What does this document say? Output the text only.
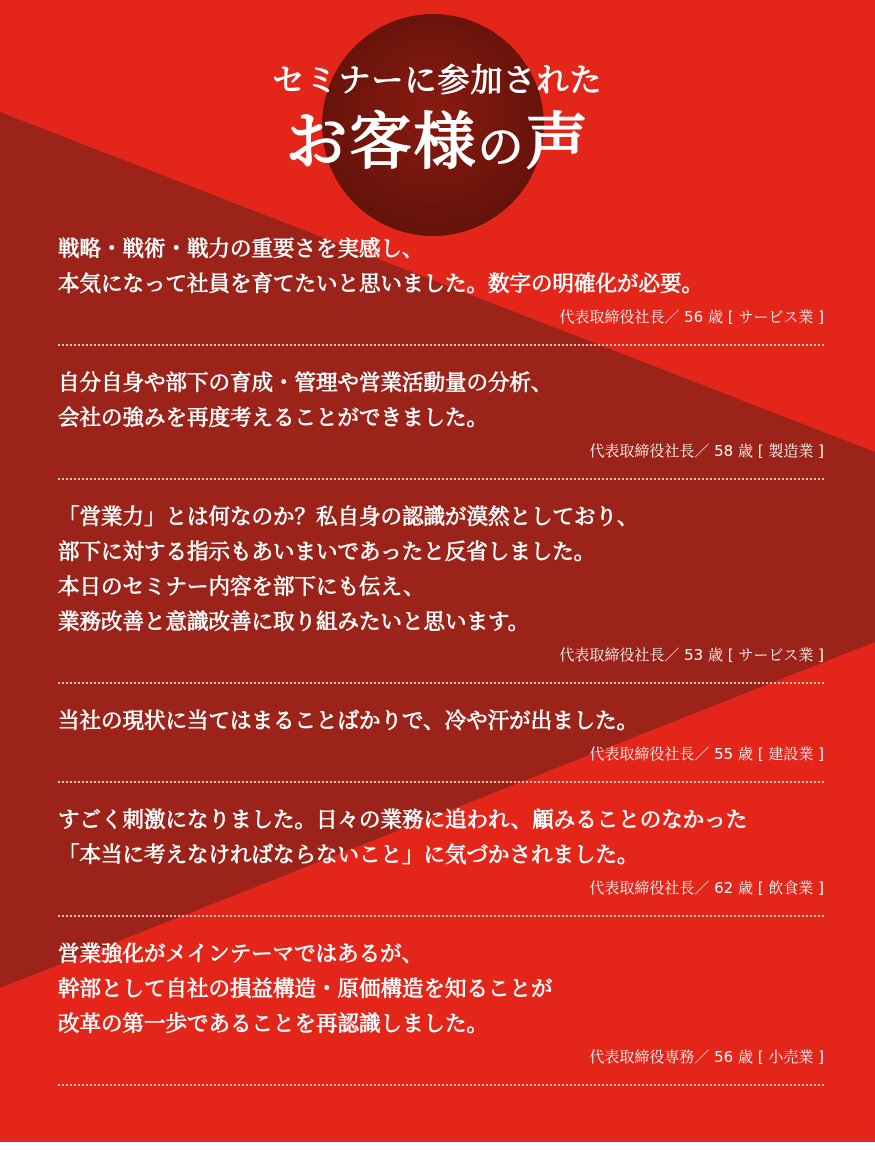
セミナーに参加された
お客様の声

戦略・戦術・戦力の重要さを実感し、

本気になって社員を育てたいと思いました。数字の明確化が必要。

代表取締役社長／ 56 歳 [ サービス業 ]

自分自身や部下の育成・管理や営業活動量の分析、

会社の強みを再度考えることができました。

代表取締役社長／ 58 歳 [ 製造業 ]

「営業力」とは何なのか？私自身の認識が漠然としており、

部下に対する指示もあいまいであったと反省しました。

本日のセミナー内容を部下にも伝え、

業務改善と意識改善に取り組みたいと思います。

代表取締役社長／ 53 歳 [ サービス業 ]

当社の現状に当てはまることばかりで、冷や汗が出ました。

代表取締役社長／ 55 歳 [ 建設業 ]

すごく刺激になりました。日々の業務に追われ、顧みることのなかった

「本当に考えなければならないこと」に気づかされました。

代表取締役社長／ 62 歳 [ 飲食業 ]

営業強化がメインテーマではあるが、

幹部として自社の損益構造・原価構造を知ることが

改革の第一歩であることを再認識しました。

代表取締役専務／ 56 歳 [ 小売業 ]
